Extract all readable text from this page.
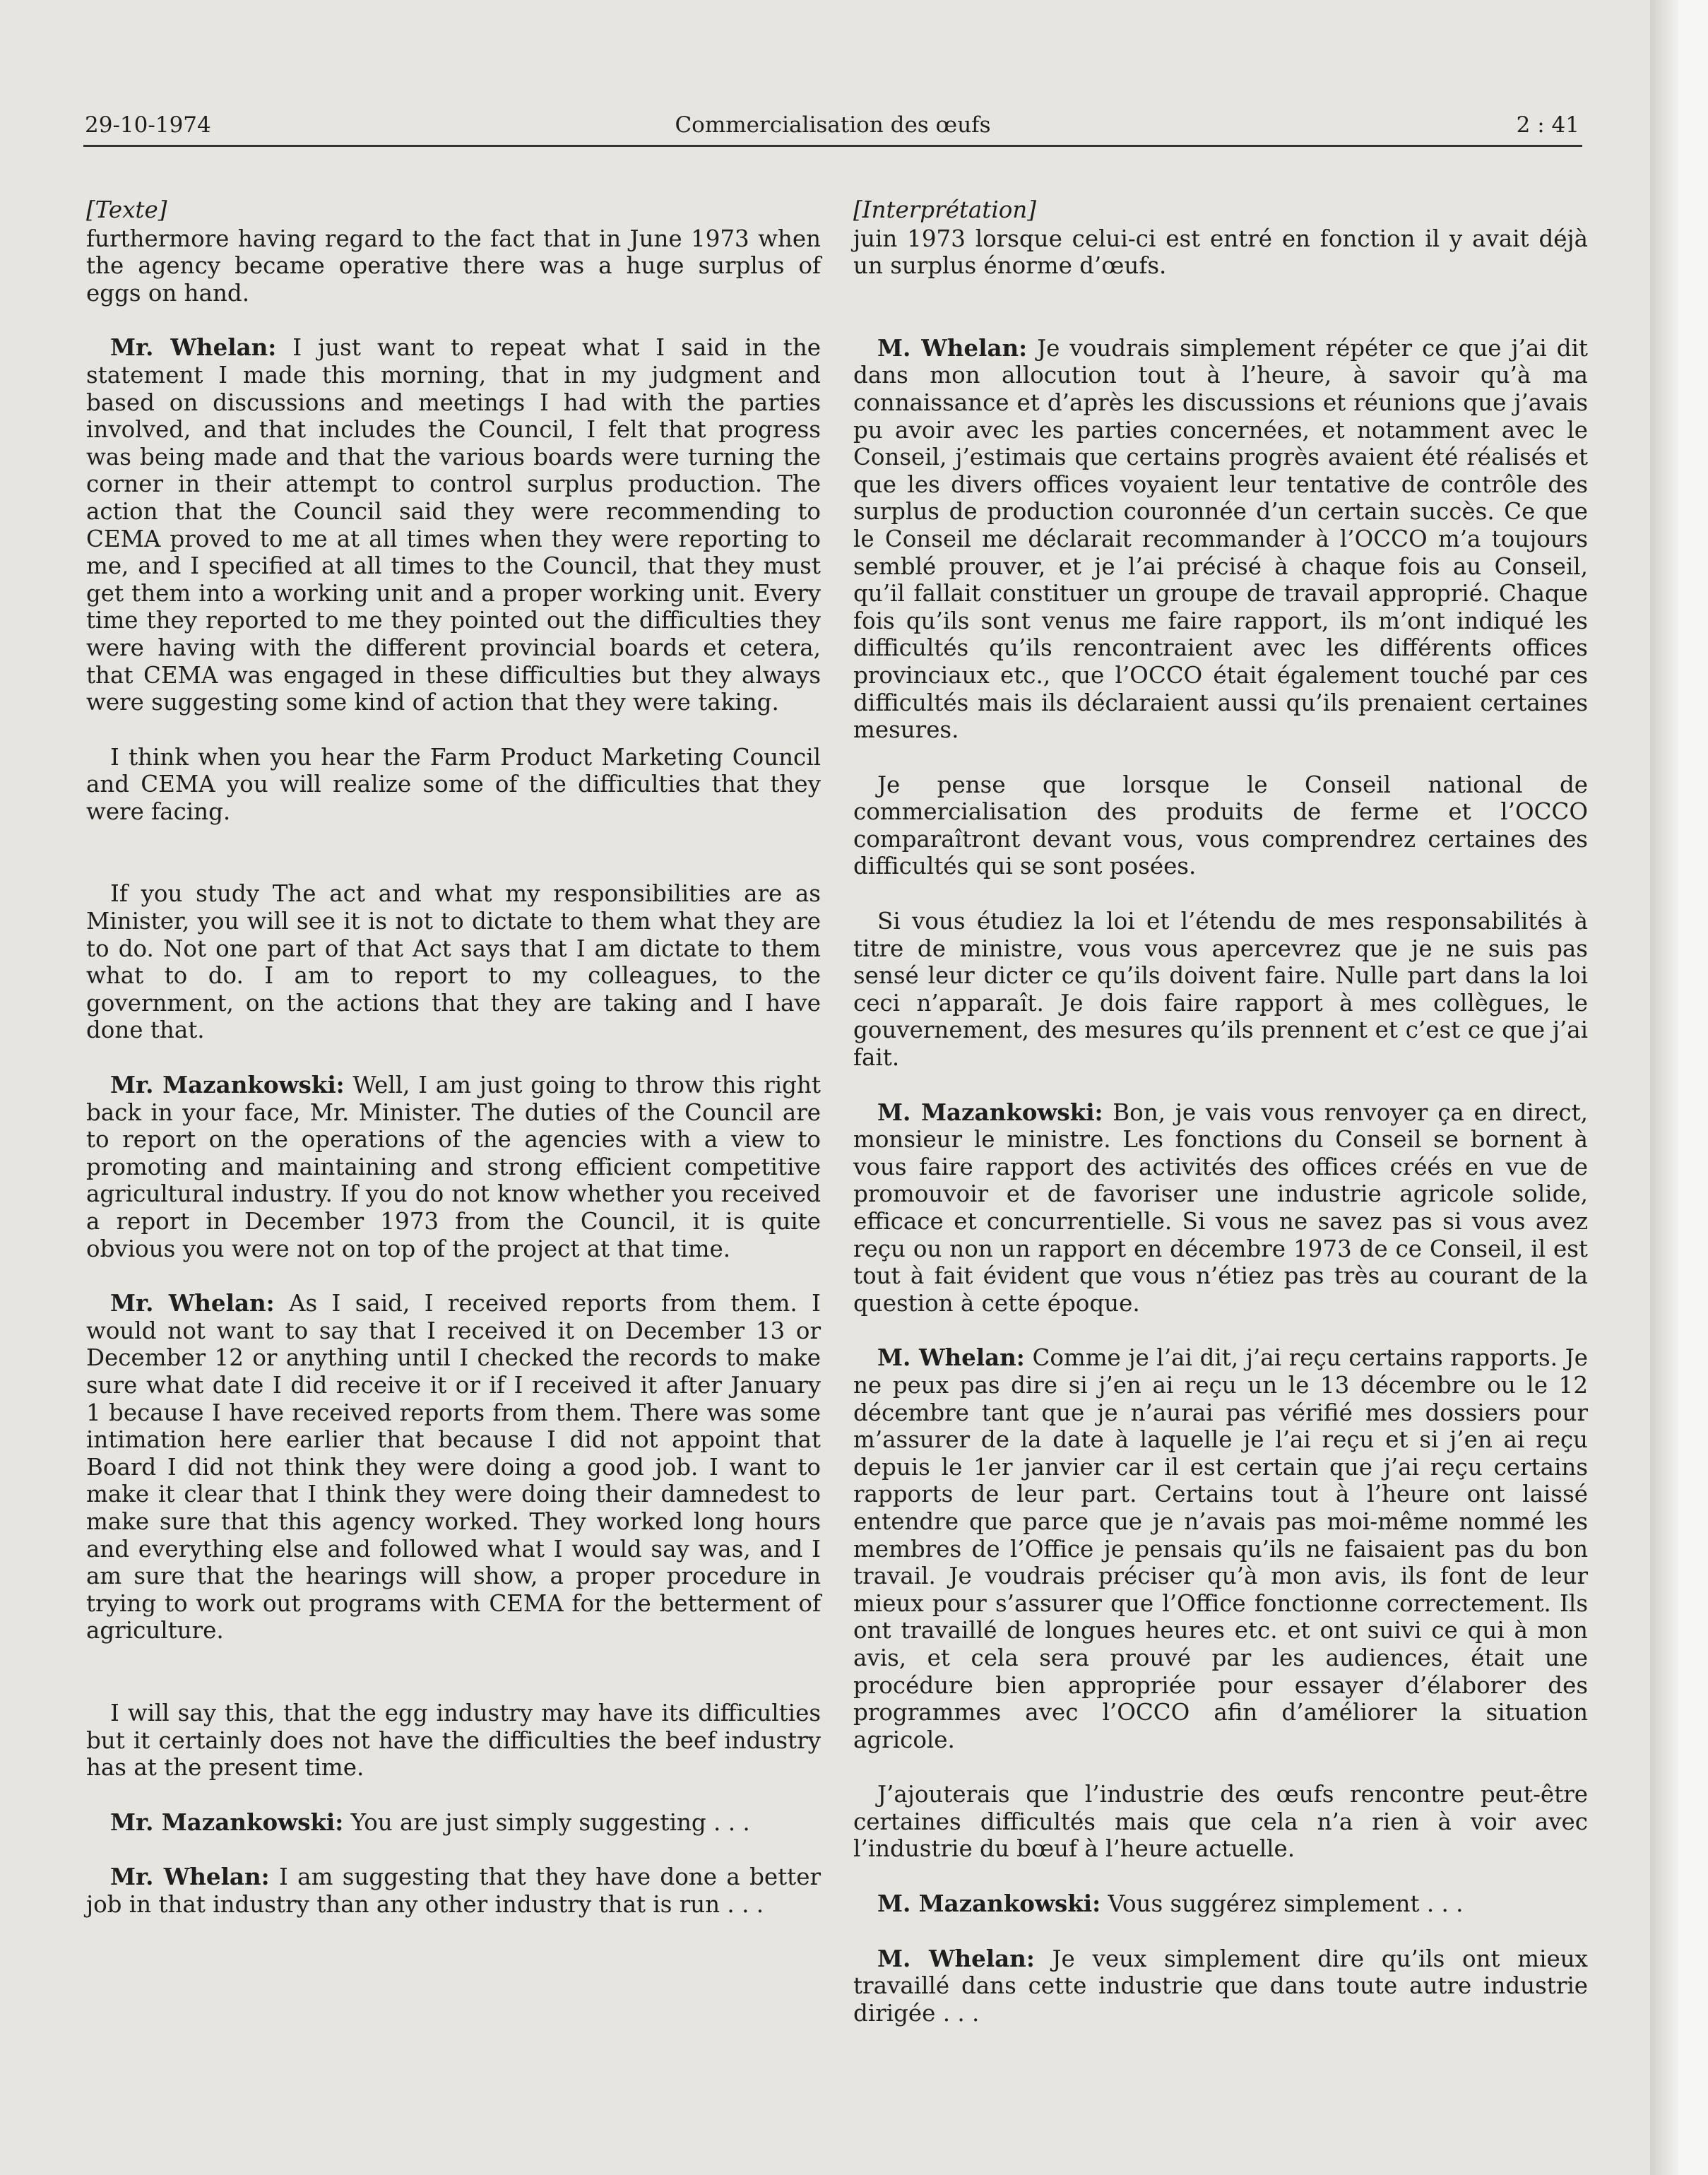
29-10-1974	Commercialisation des œufs	2 : 41

[Texte]

furthermore having regard to the fact that in June 1973 when the agency became operative there was a huge surplus of eggs on hand.

Mr. Whelan: I just want to repeat what I said in the statement I made this morning, that in my judgment and based on discussions and meetings I had with the parties involved, and that includes the Council, I felt that progress was being made and that the various boards were turning the corner in their attempt to control surplus production. The action that the Council said they were recommending to CEMA proved to me at all times when they were reporting to me, and I specified at all times to the Council, that they must get them into a working unit and a proper working unit. Every time they reported to me they pointed out the difficulties they were having with the different provincial boards et cetera, that CEMA was engaged in these difficulties but they always were suggesting some kind of action that they were taking.

I think when you hear the Farm Product Marketing Council and CEMA you will realize some of the difficulties that they were facing.

If you study The act and what my responsibilities are as Minister, you will see it is not to dictate to them what they are to do. Not one part of that Act says that I am dictate to them what to do. I am to report to my colleagues, to the government, on the actions that they are taking and I have done that.

Mr. Mazankowski: Well, I am just going to throw this right back in your face, Mr. Minister. The duties of the Council are to report on the operations of the agencies with a view to promoting and maintaining and strong efficient competitive agricultural industry. If you do not know whether you received a report in December 1973 from the Council, it is quite obvious you were not on top of the project at that time.

Mr. Whelan: As I said, I received reports from them. I would not want to say that I received it on December 13 or December 12 or anything until I checked the records to make sure what date I did receive it or if I received it after January 1 because I have received reports from them. There was some intimation here earlier that because I did not appoint that Board I did not think they were doing a good job. I want to make it clear that I think they were doing their damnedest to make sure that this agency worked. They worked long hours and everything else and followed what I would say was, and I am sure that the hearings will show, a proper procedure in trying to work out programs with CEMA for the betterment of agriculture.

I will say this, that the egg industry may have its difficulties but it certainly does not have the difficulties the beef industry has at the present time.

Mr. Mazankowski: You are just simply suggesting . . .

Mr. Whelan: I am suggesting that they have done a better job in that industry than any other industry that is run . . .

[Interprétation]

juin 1973 lorsque celui-ci est entré en fonction il y avait déjà un surplus énorme d’œufs.

M. Whelan: Je voudrais simplement répéter ce que j’ai dit dans mon allocution tout à l’heure, à savoir qu’à ma connaissance et d’après les discussions et réunions que j’avais pu avoir avec les parties concernées, et notamment avec le Conseil, j’estimais que certains progrès avaient été réalisés et que les divers offices voyaient leur tentative de contrôle des surplus de production couronnée d’un certain succès. Ce que le Conseil me déclarait recommander à l’OCCO m’a toujours semblé prouver, et je l’ai précisé à chaque fois au Conseil, qu’il fallait constituer un groupe de travail approprié. Chaque fois qu’ils sont venus me faire rapport, ils m’ont indiqué les difficultés qu’ils rencontraient avec les différents offices provinciaux etc., que l’OCCO était également touché par ces difficultés mais ils déclaraient aussi qu’ils prenaient certaines mesures.

Je pense que lorsque le Conseil national de commercialisation des produits de ferme et l’OCCO comparaîtront devant vous, vous comprendrez certaines des difficultés qui se sont posées.

Si vous étudiez la loi et l’étendu de mes responsabilités à titre de ministre, vous vous apercevrez que je ne suis pas sensé leur dicter ce qu’ils doivent faire. Nulle part dans la loi ceci n’apparaît. Je dois faire rapport à mes collègues, le gouvernement, des mesures qu’ils prennent et c’est ce que j’ai fait.

M. Mazankowski: Bon, je vais vous renvoyer ça en direct, monsieur le ministre. Les fonctions du Conseil se bornent à vous faire rapport des activités des offices créés en vue de promouvoir et de favoriser une industrie agricole solide, efficace et concurrentielle. Si vous ne savez pas si vous avez reçu ou non un rapport en décembre 1973 de ce Conseil, il est tout à fait évident que vous n’étiez pas très au courant de la question à cette époque.

M. Whelan: Comme je l’ai dit, j’ai reçu certains rapports. Je ne peux pas dire si j’en ai reçu un le 13 décembre ou le 12 décembre tant que je n’aurai pas vérifié mes dossiers pour m’assurer de la date à laquelle je l’ai reçu et si j’en ai reçu depuis le 1er janvier car il est certain que j’ai reçu certains rapports de leur part. Certains tout à l’heure ont laissé entendre que parce que je n’avais pas moi-même nommé les membres de l’Office je pensais qu’ils ne faisaient pas du bon travail. Je voudrais préciser qu’à mon avis, ils font de leur mieux pour s’assurer que l’Office fonctionne correctement. Ils ont travaillé de longues heures etc. et ont suivi ce qui à mon avis, et cela sera prouvé par les audiences, était une procédure bien appropriée pour essayer d’élaborer des programmes avec l’OCCO afin d’améliorer la situation agricole.

J’ajouterais que l’industrie des œufs rencontre peut-être certaines difficultés mais que cela n’a rien à voir avec l’industrie du bœuf à l’heure actuelle.

M. Mazankowski: Vous suggérez simplement . . .

M. Whelan: Je veux simplement dire qu’ils ont mieux travaillé dans cette industrie que dans toute autre industrie dirigée . . .
